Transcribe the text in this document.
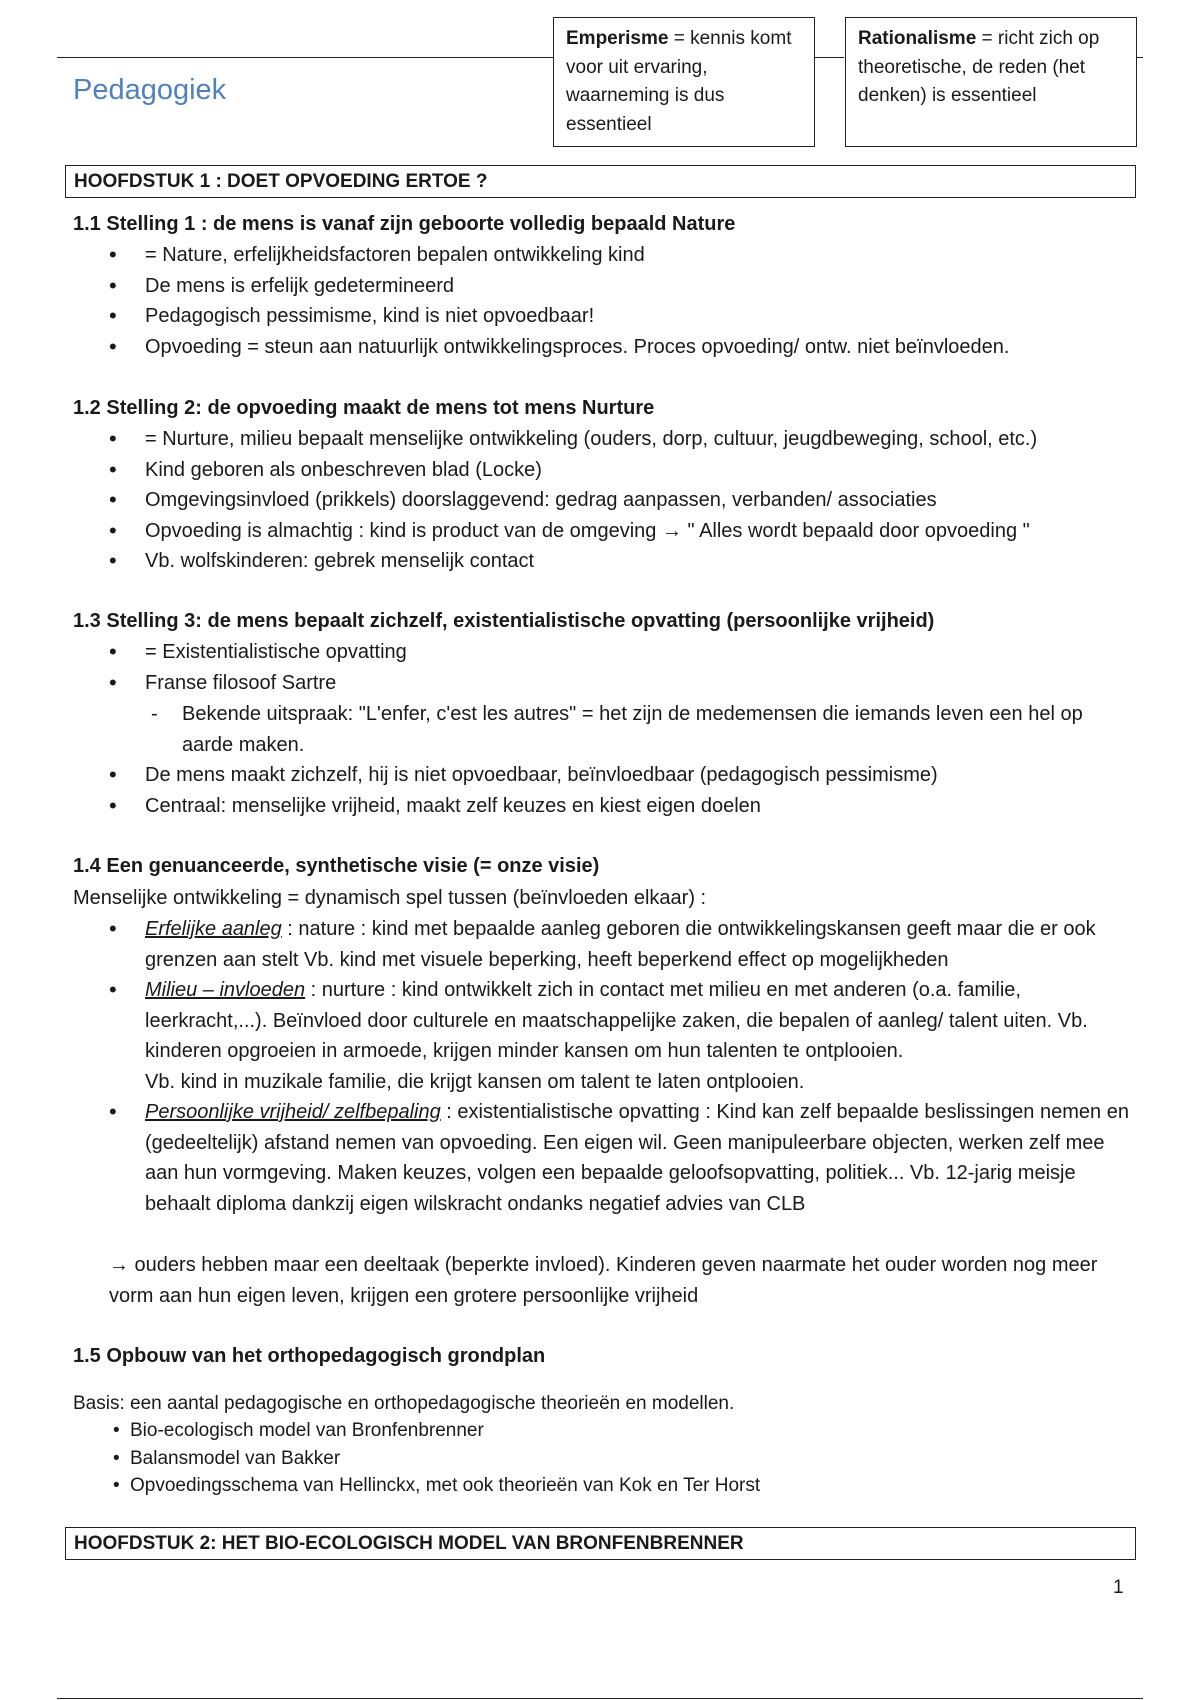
Pedagogiek
Emperisme = kennis komt voor uit ervaring, waarneming is dus essentieel
Rationalisme = richt zich op theoretische, de reden (het denken) is essentieel
HOOFDSTUK 1 : DOET OPVOEDING ERTOE ?
1.1 Stelling 1 : de mens is vanaf zijn geboorte volledig bepaald Nature
• = Nature, erfelijkheidsfactoren bepalen ontwikkeling kind
• De mens is erfelijk gedetermineerd
• Pedagogisch pessimisme, kind is niet opvoedbaar!
• Opvoeding = steun aan natuurlijk ontwikkelingsproces. Proces opvoeding/ ontw. niet beïnvloeden.
1.2 Stelling 2: de opvoeding maakt de mens tot mens Nurture
• = Nurture, milieu bepaalt menselijke ontwikkeling (ouders, dorp, cultuur, jeugdbeweging, school, etc.)
• Kind geboren als onbeschreven blad (Locke)
• Omgevingsinvloed (prikkels) doorslaggevend: gedrag aanpassen, verbanden/ associaties
• Opvoeding is almachtig : kind is product van de omgeving → " Alles wordt bepaald door opvoeding "
• Vb. wolfskinderen: gebrek menselijk contact
1.3 Stelling 3: de mens bepaalt zichzelf, existentialistische opvatting (persoonlijke vrijheid)
• = Existentialistische opvatting
• Franse filosoof Sartre
- Bekende uitspraak: "L'enfer, c'est les autres" = het zijn de medemensen die iemands leven een hel op aarde maken.
• De mens maakt zichzelf, hij is niet opvoedbaar, beïnvloedbaar (pedagogisch pessimisme)
• Centraal: menselijke vrijheid, maakt zelf keuzes en kiest eigen doelen
1.4 Een genuanceerde, synthetische visie (= onze visie)
Menselijke ontwikkeling = dynamisch spel tussen (beïnvloeden elkaar) :
• Erfelijke aanleg : nature : kind met bepaalde aanleg geboren die ontwikkelingskansen geeft maar die er ook grenzen aan stelt Vb. kind met visuele beperking, heeft beperkend effect op mogelijkheden
• Milieu – invloeden : nurture : kind ontwikkelt zich in contact met milieu en met anderen (o.a. familie, leerkracht,...). Beïnvloed door culturele en maatschappelijke zaken, die bepalen of aanleg/ talent uiten. Vb. kinderen opgroeien in armoede, krijgen minder kansen om hun talenten te ontplooien.
Vb. kind in muzikale familie, die krijgt kansen om talent te laten ontplooien.
• Persoonlijke vrijheid/ zelfbepaling : existentialistische opvatting : Kind kan zelf bepaalde beslissingen nemen en (gedeeltelijk) afstand nemen van opvoeding. Een eigen wil. Geen manipuleerbare objecten, werken zelf mee aan hun vormgeving. Maken keuzes, volgen een bepaalde geloofsopvatting, politiek... Vb. 12-jarig meisje behaalt diploma dankzij eigen wilskracht ondanks negatief advies van CLB
→ ouders hebben maar een deeltaak (beperkte invloed). Kinderen geven naarmate het ouder worden nog meer vorm aan hun eigen leven, krijgen een grotere persoonlijke vrijheid
1.5 Opbouw van het orthopedagogisch grondplan
Basis: een aantal pedagogische en orthopedagogische theorieën en modellen.
• Bio-ecologisch model van Bronfenbrenner
• Balansmodel van Bakker
• Opvoedingsschema van Hellinckx, met ook theorieën van Kok en Ter Horst
HOOFDSTUK 2: HET BIO-ECOLOGISCH MODEL VAN BRONFENBRENNER
1
